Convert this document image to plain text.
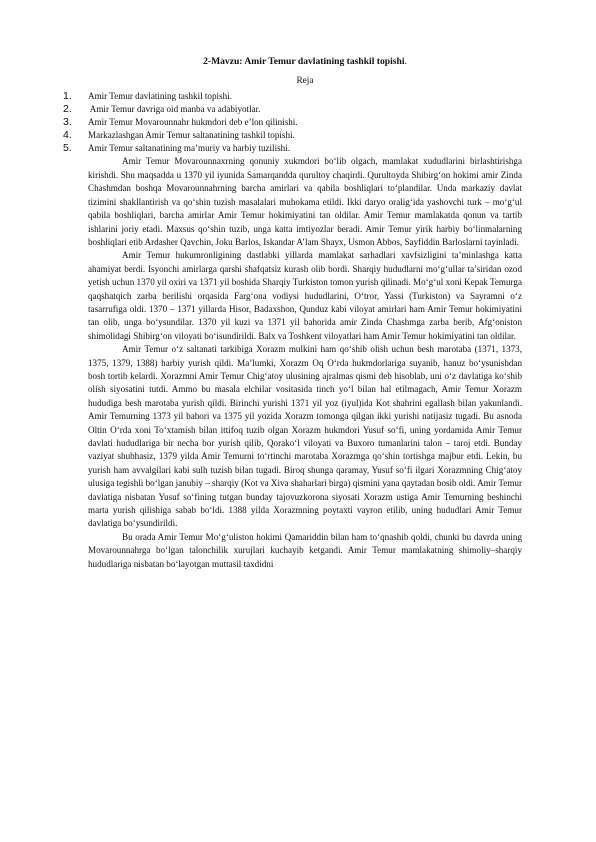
2-Mavzu: Amir Temur davlatining tashkil topishi.
Reja
1. Amir Temur davlatining tashkil topishi.
2. Amir Temur davriga oid manba va adabiyotlar.
3. Amir Temur Movarounnahr hukmdori deb e’lon qilinishi.
4. Markazlashgan Amir Temur saltanatining tashkil topishi.
5. Amir Temur saltanatining ma’muriy va harbiy tuzilishi.

Amir Temur Movarounnaxrning qonuniy xukmdori bo‘lib olgach, mamlakat xududlarini birlashtirishga kirishdi. Shu maqsadda u 1370 yil iyunida Samarqandda qurultoy chaqirdi. Qurultoyda Shibirg‘on hokimi amir Zinda Chashmdan boshqa Movarounnahrning barcha amirlari va qabila boshliqlari to‘plandilar. Unda markaziy davlat tizimini shakllantirish va qo‘shin tuzish masalalari muhokama etildi. Ikki daryo oralig‘ida yashovchi turk – mo‘g‘ul qabila boshliqlari, barcha amirlar Amir Temur hokimiyatini tan oldilar. Amir Temur mamlakatda qonun va tartib ishlarini joriy etadi. Maxsus qo‘shin tuzib, unga katta imtiyozlar beradi. Amir Temur yirik harbiy bo‘linmalarning boshliqlari etib Ardasher Qavchin, Joku Barlos, Iskandar A’lam Shayx, Usmon Abbos, Sayfiddin Barloslarni tayinladi.

Amir Temur hukumronligining dastlabki yillarda mamlakat sarhadlari xavfsizligini ta’minlashga katta ahamiyat berdi. Isyonchi amirlarga qarshi shafqatsiz kurash olib bordi. Sharqiy hududlarni mo‘g‘ullar ta’siridan ozod yetish uchun 1370 yil oxiri va 1371 yil boshida Sharqiy Turkiston tomon yurish qilinadi. Mo‘g‘ul xoni Kepak Temurga qaqshatqich zarba berilishi orqasida Farg‘ona vodiysi hududlarini, O‘tror, Yassi (Turkiston) va Sayramni o‘z tasarrufiga oldi. 1370 – 1371 yillarda Hisor, Badaxshon, Qunduz kabi viloyat amirlari ham Amir Temur hokimiyatini tan olib, unga bo‘ysundilar. 1370 yil kuzi va 1371 yil bahorida amir Zinda Chashmga zarba berib, Afg‘oniston shimolidagi Shibirg‘on viloyati bo‘isundirildi. Balx va Toshkent viloyatlari ham Amir Temur hokimiyatini tan oldilar.

Amir Temur o‘z saltanati tarkibiga Xorazm mulkini ham qo‘shib olish uchun besh marotaba (1371, 1373, 1375, 1379, 1388) harbiy yurish qildi. Ma’lumki, Xorazm Oq O‘rda hukmdorlariga suyanib, hanuz bo‘ysunishdan bosh tortib kelardi. Xorazmni Amir Temur Chig‘atoy ulusining ajralmas qismi deb hisoblab, uni o‘z davlatiga ko‘shib olish siyosatini tutdi. Ammo bu masala elchilar vositasida tinch yo‘l bilan hal etilmagach, Amir Temur Xorazm hududiga besh marotaba yurish qildi. Birinchi yurishi 1371 yil yoz (iyul)ida Kot shahrini egallash bilan yakunlandi. Amir Temurning 1373 yil bahori va 1375 yil yozida Xorazm tomonga qilgan ikki yurishi natijasiz tugadi. Bu asnoda Oltin O‘rda xoni To‘xtamish bilan ittifoq tuzib olgan Xorazm hukmdori Yusuf so‘fi, uning yordamida Amir Temur davlati hududlariga bir necha bor yurish qilib, Qorako‘l viloyati va Buxoro tumanlarini talon – taroj etdi. Bunday vaziyat shubhasiz, 1379 yilda Amir Temurni to‘rtinchi marotaba Xorazmga qo‘shin tortishga majbur etdi. Lekin, bu yurish ham avvalgilari kabi sulh tuzish bilan tugadi. Biroq shunga qaramay, Yusuf so‘fi ilgari Xorazmning Chig‘atoy ulusiga tegishli bo‘lgan janubiy – sharqiy (Kot va Xiva shaharlari birga) qismini yana qaytadan bosib oldi. Amir Temur davlatiga nisbatan Yusuf so‘fining tutgan bunday tajovuzkorona siyosati Xorazm ustiga Amir Temurning beshinchi marta yurish qilishiga sabab bo‘ldi. 1388 yilda Xorazmning poytaxti vayron etilib, uning hududlari Amir Temur davlatiga bo‘ysundirildi.

Bu orada Amir Temur Mo‘g‘uliston hokimi Qamariddin bilan ham to‘qnashib qoldi, chunki bu davrda uning Movarounnahrga bo‘lgan talonchilik xurujlari kuchayib ketgandi. Amir Temur mamlakatning shimoliy–sharqiy hududlariga nisbatan bo‘layotgan muttasil taxdidni
